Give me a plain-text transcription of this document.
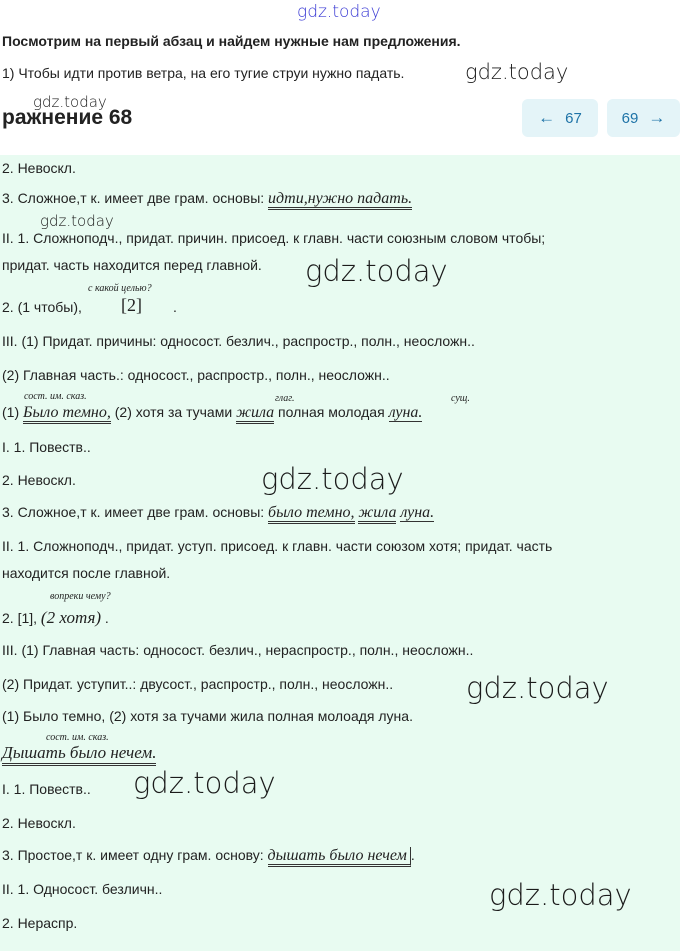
gdz.today
Посмотрим на первый абзац и найдем нужные нам предложения.
1) Чтобы идти против ветра, на его тугие струи нужно падать.	gdz.today
gdz.today
ражнение 68	← 67	69 →
2. Невоскл.
3. Сложное,т к. имеет две грам. основы: идти,нужно падать.
gdz.today
II. 1. Сложноподч., придат. причин. присоед. к главн. части союзным словом чтобы;
придат. часть находится перед главной. gdz.today
2. (1 чтобы),
с какой целью?
[2] .
III. (1) Придат. причины: односост. безлич., распростр., полн., неосложн..
(2) Главная часть.: односост., распростр., полн., неосложн..
сост. им. сказ.	глаг.	сущ.
(1) Было темно, (2) хотя за тучами жила полная молодая луна.
I. 1. Повеств..
2. Невоскл.	gdz.today
3. Сложное,т к. имеет две грам. основы: было темно, жила луна.
II. 1. Сложноподч., придат. уступ. присоед. к главн. части союзом хотя; придат. часть
находится после главной.
вопреки чему?
2. [1], (2 хотя) .
III. (1) Главная часть: односост. безлич., нераспростр., полн., неосложн..
(2) Придат. уступит..: двусост., распростр., полн., неосложн..	gdz.today
(1) Было темно, (2) хотя за тучами жила полная молоадя луна.
сост. им. сказ.
Дышать было нечем.
I. 1. Повеств.. gdz.today
2. Невоскл.
3. Простое,т к. имеет одну грам. основу: дышать было нечем .
II. 1. Односост. безличн..	gdz.today
2. Нераспр.
